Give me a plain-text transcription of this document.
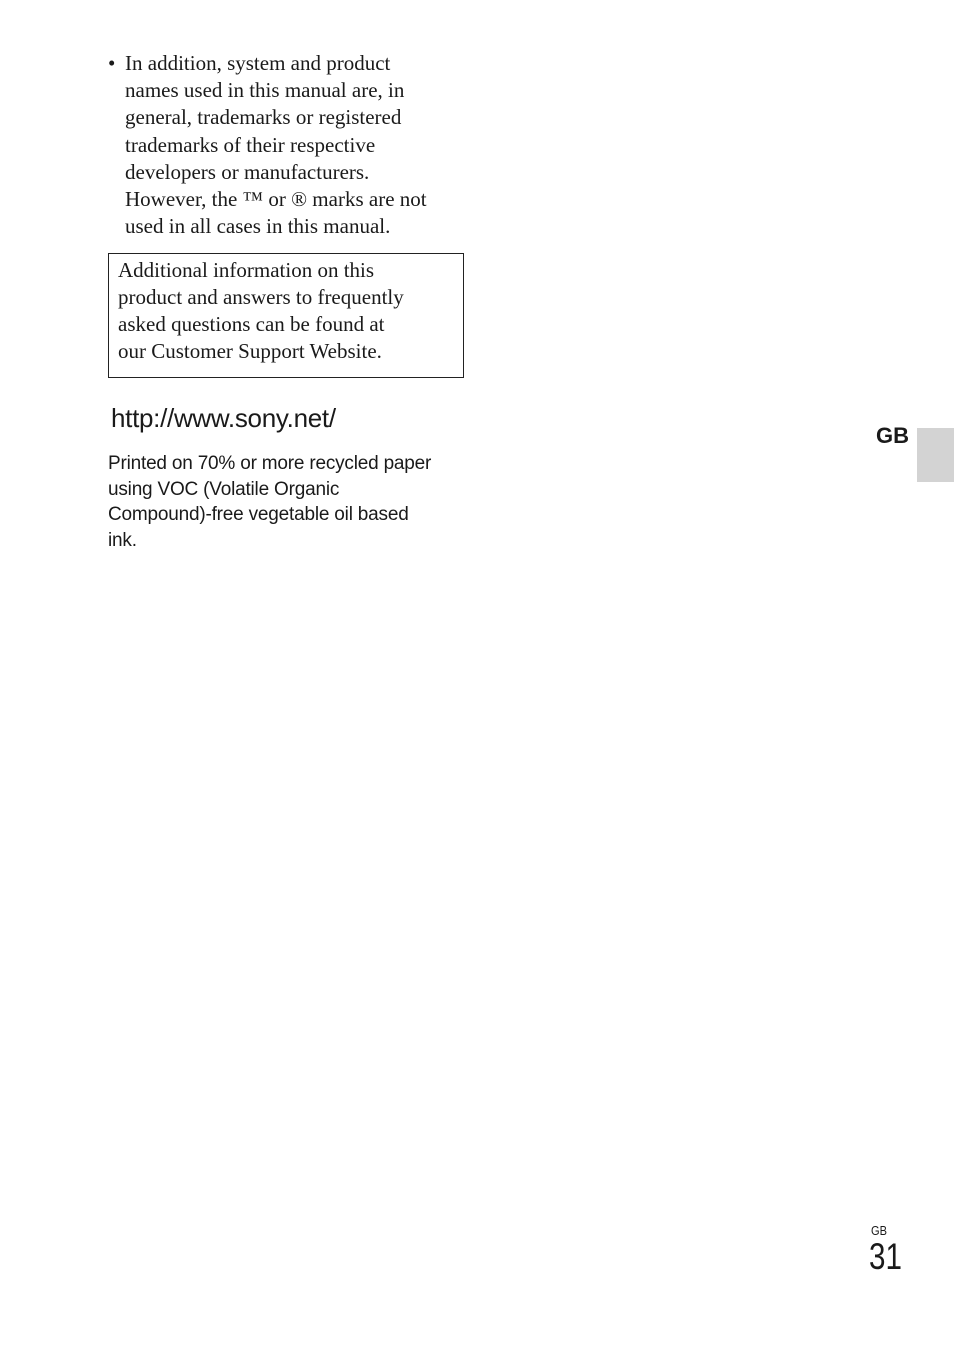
• In addition, system and product
names used in this manual are, in
general, trademarks or registered
trademarks of their respective
developers or manufacturers.
However, the ™ or ® marks are not
used in all cases in this manual.
Additional information on this
product and answers to frequently
asked questions can be found at
our Customer Support Website.
http://www.sony.net/
Printed on 70% or more recycled paper
using VOC (Volatile Organic
Compound)-free vegetable oil based
ink.
GB
GB
31
